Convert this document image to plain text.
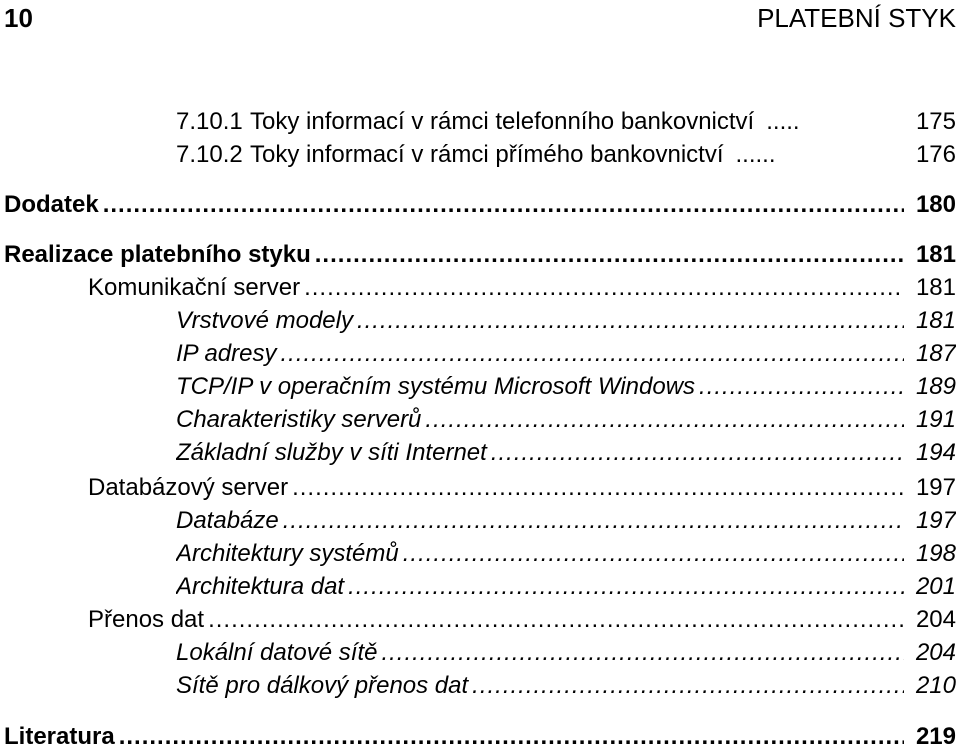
10	PLATEBNÍ STYK
7.10.1 Toky informací v rámci telefonního bankovnictví .....	175
7.10.2 Toky informací v rámci přímého bankovnictví ......	176
Dodatek .....	180
Realizace platebního styku .....	181
Komunikační server .....	181
Vrstvové modely .....	181
IP adresy .....	187
TCP/IP v operačním systému Microsoft Windows .....	189
Charakteristiky serverů .....	191
Základní služby v síti Internet .....	194
Databázový server .....	197
Databáze .....	197
Architektury systémů .....	198
Architektura dat .....	201
Přenos dat .....	204
Lokální datové sítě .....	204
Sítě pro dálkový přenos dat .....	210
Literatura .....	219
